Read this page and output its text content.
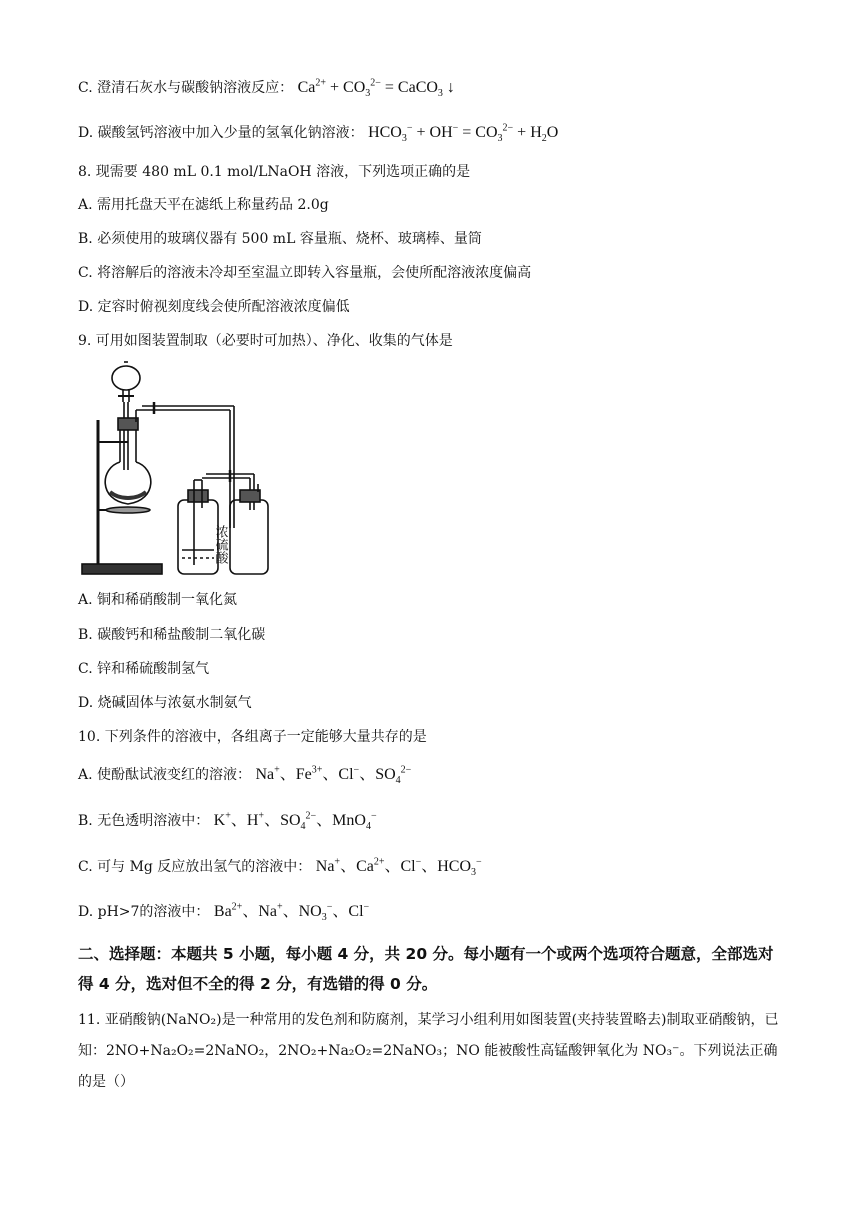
C. 澄清石灰水与碳酸钠溶液反应： $Ca^{2+} + CO_3^{2-}$ = CaCO$_3$ ↓
D. 碳酸氢钙溶液中加入少量的氢氧化钠溶液： $HCO_3^- + OH^- = CO_3^{2-} + H_2O$
8. 现需要 480 mL 0.1 mol/LNaOH 溶液，下列选项正确的是
A. 需用托盘天平在滤纸上称量药品 2.0g
B. 必须使用的玻璃仪器有 500 mL 容量瓶、烧杯、玻璃棒、量筒
C. 将溶解后的溶液未冷却至室温立即转入容量瓶，会使所配溶液浓度偏高
D. 定容时俯视刻度线会使所配溶液浓度偏低
9. 可用如图装置制取（必要时可加热）、净化、收集的气体是
浓硫酸
A. 铜和稀硝酸制一氧化氮
B. 碳酸钙和稀盐酸制二氧化碳
C. 锌和稀硫酸制氢气
D. 烧碱固体与浓氨水制氨气
10. 下列条件的溶液中，各组离子一定能够大量共存的是
A. 使酚酞试液变红的溶液： Na+、$Fe^{3+}$、Cl−、$SO_4^{2-}$
B. 无色透明溶液中： K+、H+、$SO_4^{2-}$、MnO$_4$−
C. 可与 Mg 反应放出氢气的溶液中： Na+、$Ca^{2+}$、Cl−、$HCO_3^-$
D. pH>7的溶液中： $Ba^{2+}$、Na+、$NO_3^-$、Cl−
二、选择题：本题共 5 小题，每小题 4 分，共 20 分。每小题有一个或两个选项符合题意，全部选对得 4 分，选对但不全的得 2 分，有选错的得 0 分。
11. 亚硝酸钠(NaNO₂)是一种常用的发色剂和防腐剂，某学习小组利用如图装置(夹持装置略去)制取亚硝酸钠，已知：2NO+Na₂O₂=2NaNO₂，2NO₂+Na₂O₂=2NaNO₃；NO 能被酸性高锰酸钾氧化为 NO₃⁻。下列说法正确的是（）
